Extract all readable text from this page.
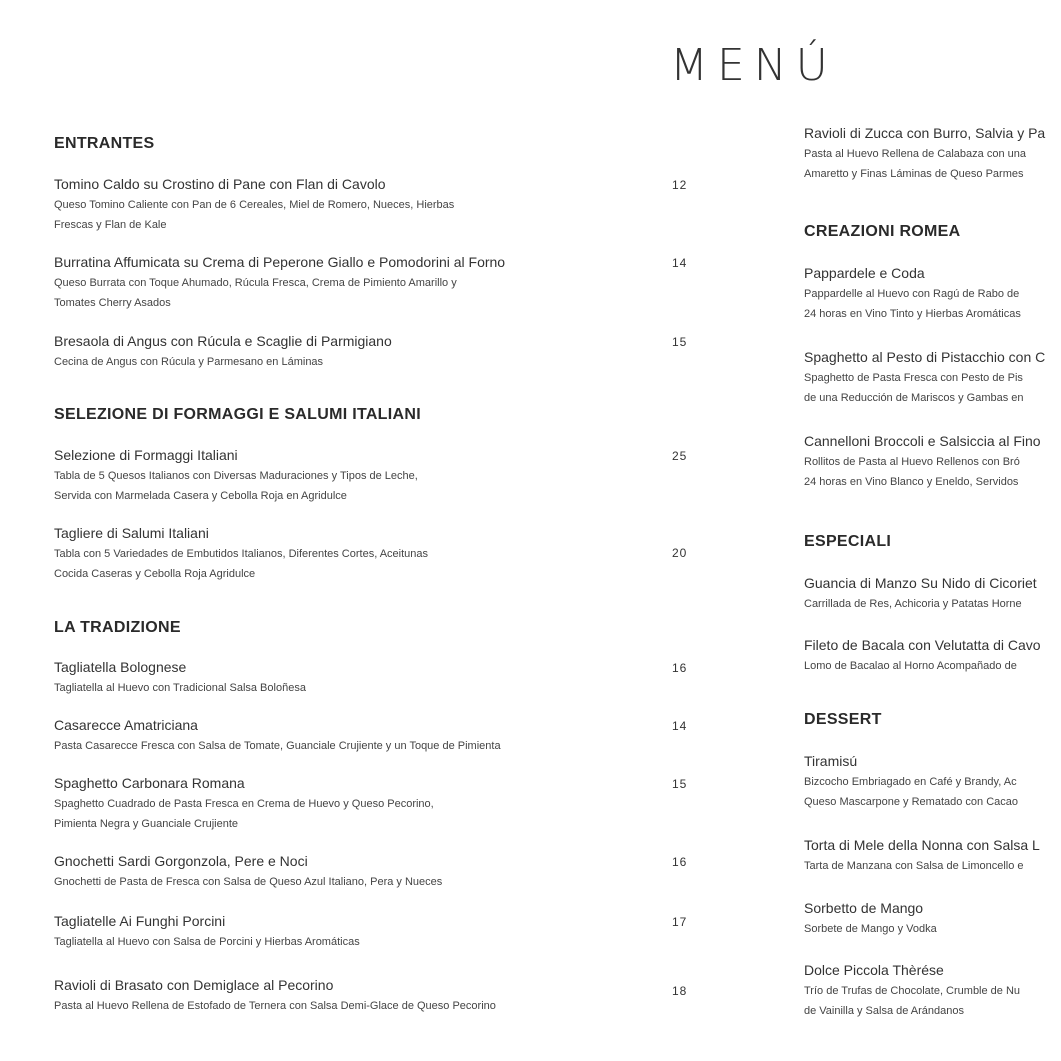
MENÚ
ENTRANTES
Tomino Caldo su Crostino di Pane con Flan di Cavolo
Queso Tomino Caliente con Pan de 6 Cereales, Miel de Romero, Nueces, Hierbas
Frescas y Flan de Kale
12
Burratina Affumicata su Crema di Peperone Giallo e Pomodorini al Forno
Queso Burrata con Toque Ahumado, Rúcula Fresca, Crema de Pimiento Amarillo y
Tomates Cherry Asados
14
Bresaola di Angus con Rúcula e Scaglie di Parmigiano
Cecina de Angus con Rúcula y Parmesano en Láminas
15
SELEZIONE DI FORMAGGI E SALUMI ITALIANI
Selezione di Formaggi Italiani
Tabla de 5 Quesos Italianos con Diversas Maduraciones y Tipos de Leche,
Servida con Marmelada Casera y Cebolla Roja en Agridulce
25
Tagliere di Salumi Italiani
Tabla con 5 Variedades de Embutidos Italianos, Diferentes Cortes, Aceitunas
Cocida Caseras y Cebolla Roja Agridulce
20
LA TRADIZIONE
Tagliatella Bolognese
Tagliatella al Huevo con Tradicional Salsa Boloñesa
16
Casarecce Amatriciana
Pasta Casarecce Fresca con Salsa de Tomate, Guanciale Crujiente y un Toque de Pimienta
14
Spaghetto Carbonara Romana
Spaghetto Cuadrado de Pasta Fresca en Crema de Huevo y Queso Pecorino,
Pimienta Negra y Guanciale Crujiente
15
Gnochetti Sardi Gorgonzola, Pere e Noci
Gnochetti de Pasta de Fresca con Salsa de Queso Azul Italiano, Pera y Nueces
16
Tagliatelle Ai Funghi Porcini
Tagliatella al Huevo con Salsa de Porcini y Hierbas Aromáticas
17
Ravioli di Brasato con Demiglace al Pecorino
Pasta al Huevo Rellena de Estofado de Ternera con Salsa Demi-Glace de Queso Pecorino
18
Ravioli di Zucca con Burro, Salvia y Pa
Pasta al Huevo Rellena de Calabaza con una
Amaretto y Finas Láminas de Queso Parmes
CREAZIONI ROMEA
Pappardele e Coda
Pappardelle al Huevo con Ragú de Rabo de
24 horas en Vino Tinto y Hierbas Aromáticas
Spaghetto al Pesto di Pistacchio con C
Spaghetto de Pasta Fresca con Pesto de Pis
de una Reducción de Mariscos y Gambas en
Cannelloni Broccoli e Salsiccia al Fino
Rollitos de Pasta al Huevo Rellenos con Bró
24 horas en Vino Blanco y Eneldo, Servidos
ESPECIALI
Guancia di Manzo Su Nido di Cicoriet
Carrillada de Res, Achicoria y Patatas Horne
Fileto de Bacala con Velutatta di Cavo
Lomo de Bacalao al Horno Acompañado de
DESSERT
Tiramisú
Bizcocho Embriagado en Café y Brandy, Ac
Queso Mascarpone y Rematado con Cacao
Torta di Mele della Nonna con Salsa L
Tarta de Manzana con Salsa de Limoncello e
Sorbetto de Mango
Sorbete de Mango y Vodka
Dolce Piccola Thèrése
Trío de Trufas de Chocolate, Crumble de Nu
de Vainilla y Salsa de Arándanos
